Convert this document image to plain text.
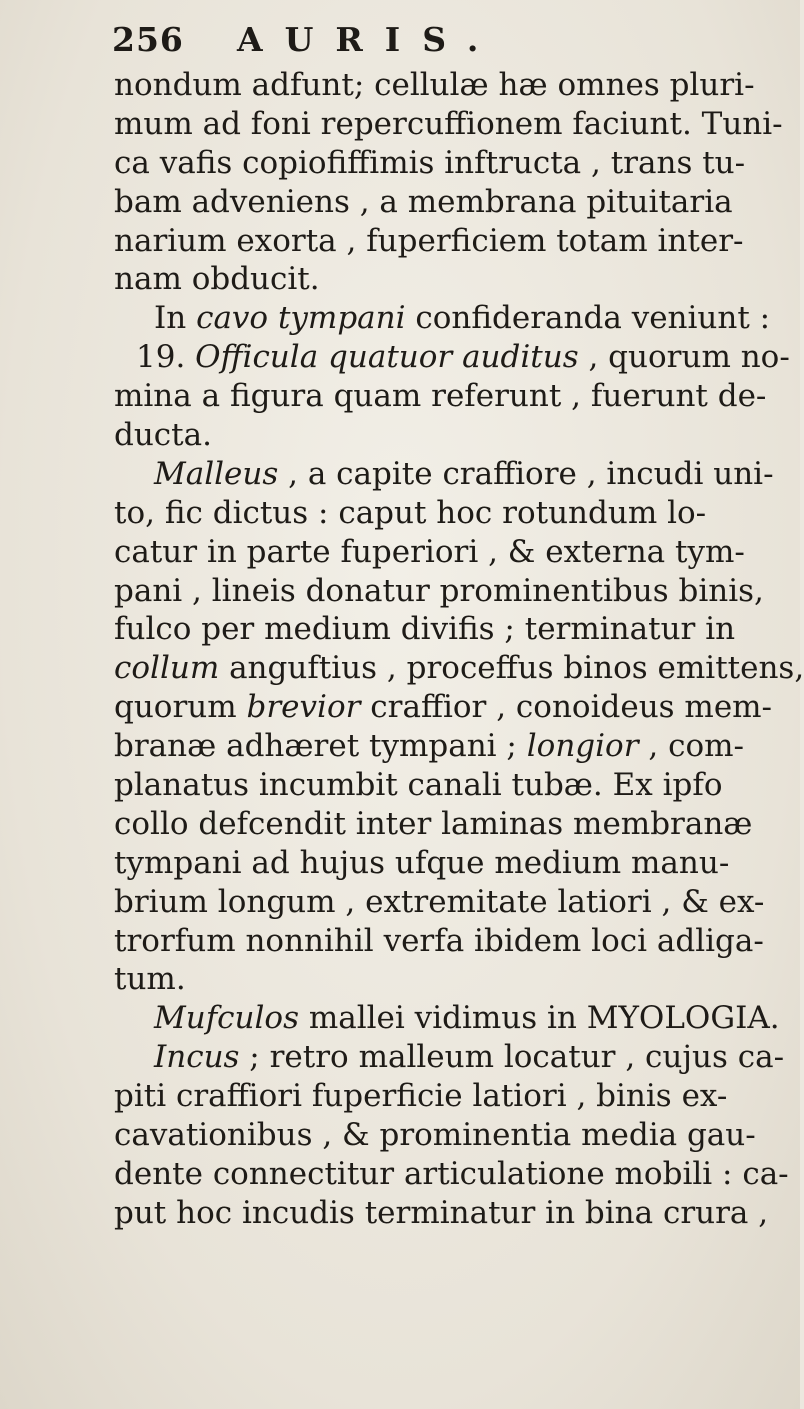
256 AURIS.
nondum adfunt; cellulæ hæ omnes pluri-
mum ad foni repercuffionem faciunt. Tuni-
ca vafis copiofiffimis inftructa , trans tu-
bam adveniens , a membrana pituitaria
narium exorta , fuperficiem totam inter-
nam obducit.
In cavo tympani confideranda veniunt :
19. Officula quatuor auditus , quorum no-
mina a figura quam referunt , fuerunt de-
ducta.
Malleus , a capite craffiore , incudi uni-
to, fic dictus : caput hoc rotundum lo-
catur in parte fuperiori , & externa tym-
pani , lineis donatur prominentibus binis,
fulco per medium divifis ; terminatur in
collum anguftius , proceffus binos emittens,
quorum brevior craffior , conoideus mem-
branæ adhæret tympani ; longior , com-
planatus incumbit canali tubæ. Ex ipfo
collo defcendit inter laminas membranæ
tympani ad hujus ufque medium manu-
brium longum , extremitate latiori , & ex-
trorfum nonnihil verfa ibidem loci adliga-
tum.
Mufculos mallei vidimus in MYOLOGIA.
Incus ; retro malleum locatur , cujus ca-
piti craffiori fuperficie latiori , binis ex-
cavationibus , & prominentia media gau-
dente connectitur articulatione mobili : ca-
put hoc incudis terminatur in bina crura ,
